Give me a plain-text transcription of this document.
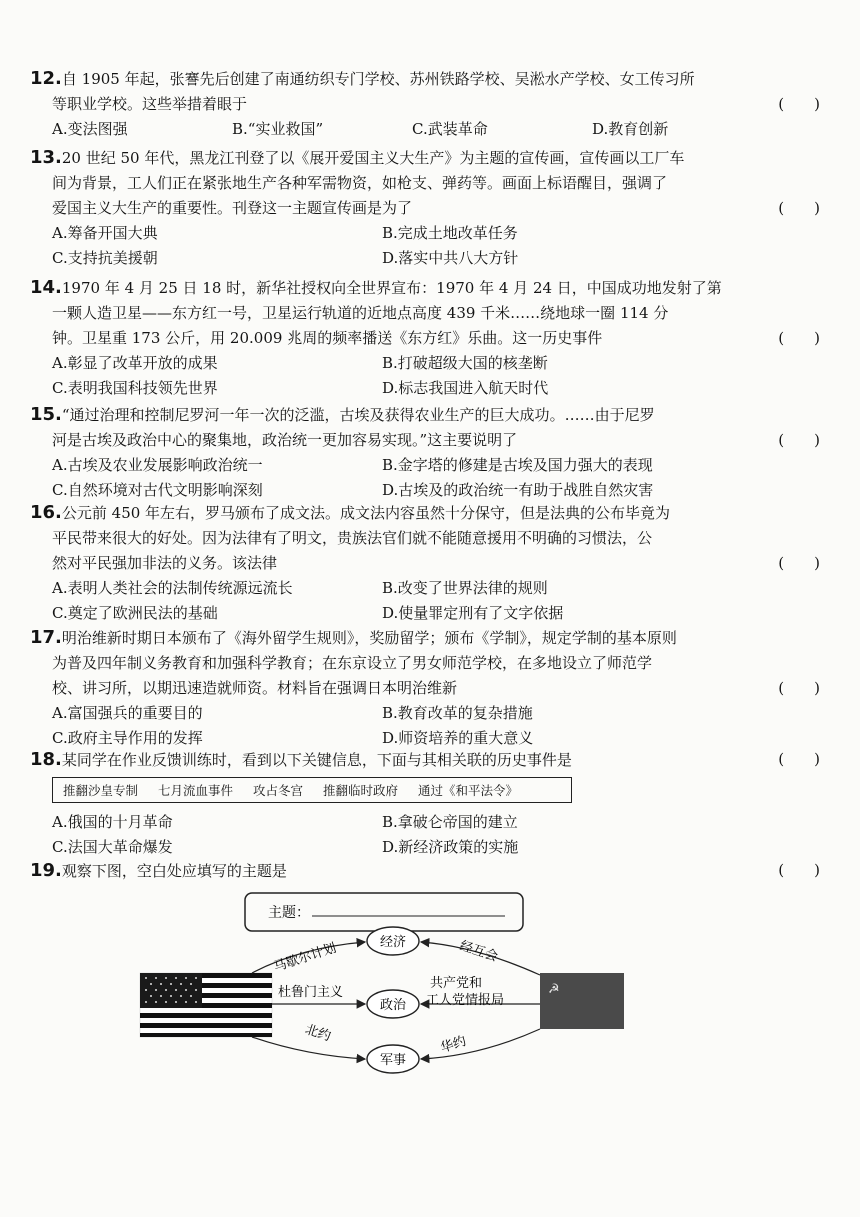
12.自 1905 年起，张謇先后创建了南通纺织专门学校、苏州铁路学校、吴淞水产学校、女工传习所
等职业学校。这些举措着眼于	(　　)
A.变法图强	B.“实业救国”	C.武装革命	D.教育创新
13.20 世纪 50 年代，黑龙江刊登了以《展开爱国主义大生产》为主题的宣传画，宣传画以工厂车
间为背景，工人们正在紧张地生产各种军需物资，如枪支、弹药等。画面上标语醒目，强调了
爱国主义大生产的重要性。刊登这一主题宣传画是为了	(　　)
A.筹备开国大典	B.完成土地改革任务
C.支持抗美援朝	D.落实中共八大方针
14.1970 年 4 月 25 日 18 时，新华社授权向全世界宣布：1970 年 4 月 24 日，中国成功地发射了第
一颗人造卫星——东方红一号，卫星运行轨道的近地点高度 439 千米……绕地球一圈 114 分
钟。卫星重 173 公斤，用 20.009 兆周的频率播送《东方红》乐曲。这一历史事件	(　　)
A.彰显了改革开放的成果	B.打破超级大国的核垄断
C.表明我国科技领先世界	D.标志我国进入航天时代
15.“通过治理和控制尼罗河一年一次的泛滥，古埃及获得农业生产的巨大成功。……由于尼罗
河是古埃及政治中心的聚集地，政治统一更加容易实现。”这主要说明了	(　　)
A.古埃及农业发展影响政治统一	B.金字塔的修建是古埃及国力强大的表现
C.自然环境对古代文明影响深刻	D.古埃及的政治统一有助于战胜自然灾害
16.公元前 450 年左右，罗马颁布了成文法。成文法内容虽然十分保守，但是法典的公布毕竟为
平民带来很大的好处。因为法律有了明文，贵族法官们就不能随意援用不明确的习惯法，公
然对平民强加非法的义务。该法律	(　　)
A.表明人类社会的法制传统源远流长	B.改变了世界法律的规则
C.奠定了欧洲民法的基础	D.使量罪定刑有了文字依据
17.明治维新时期日本颁布了《海外留学生规则》，奖励留学；颁布《学制》，规定学制的基本原则
为普及四年制义务教育和加强科学教育；在东京设立了男女师范学校，在多地设立了师范学
校、讲习所，以期迅速造就师资。材料旨在强调日本明治维新	(　　)
A.富国强兵的重要目的	B.教育改革的复杂措施
C.政府主导作用的发挥	D.师资培养的重大意义
18.某同学在作业反馈训练时，看到以下关键信息，下面与其相关联的历史事件是	(　　)
推翻沙皇专制 七月流血事件 攻占冬宫 推翻临时政府 通过《和平法令》
A.俄国的十月革命	B.拿破仑帝国的建立
C.法国大革命爆发	D.新经济政策的实施
19.观察下图，空白处应填写的主题是	(　　)
主题：
☭
经济
政治
军事
马歇尔计划
杜鲁门主义
北约
经互会
共产党和
工人党情报局
华约
